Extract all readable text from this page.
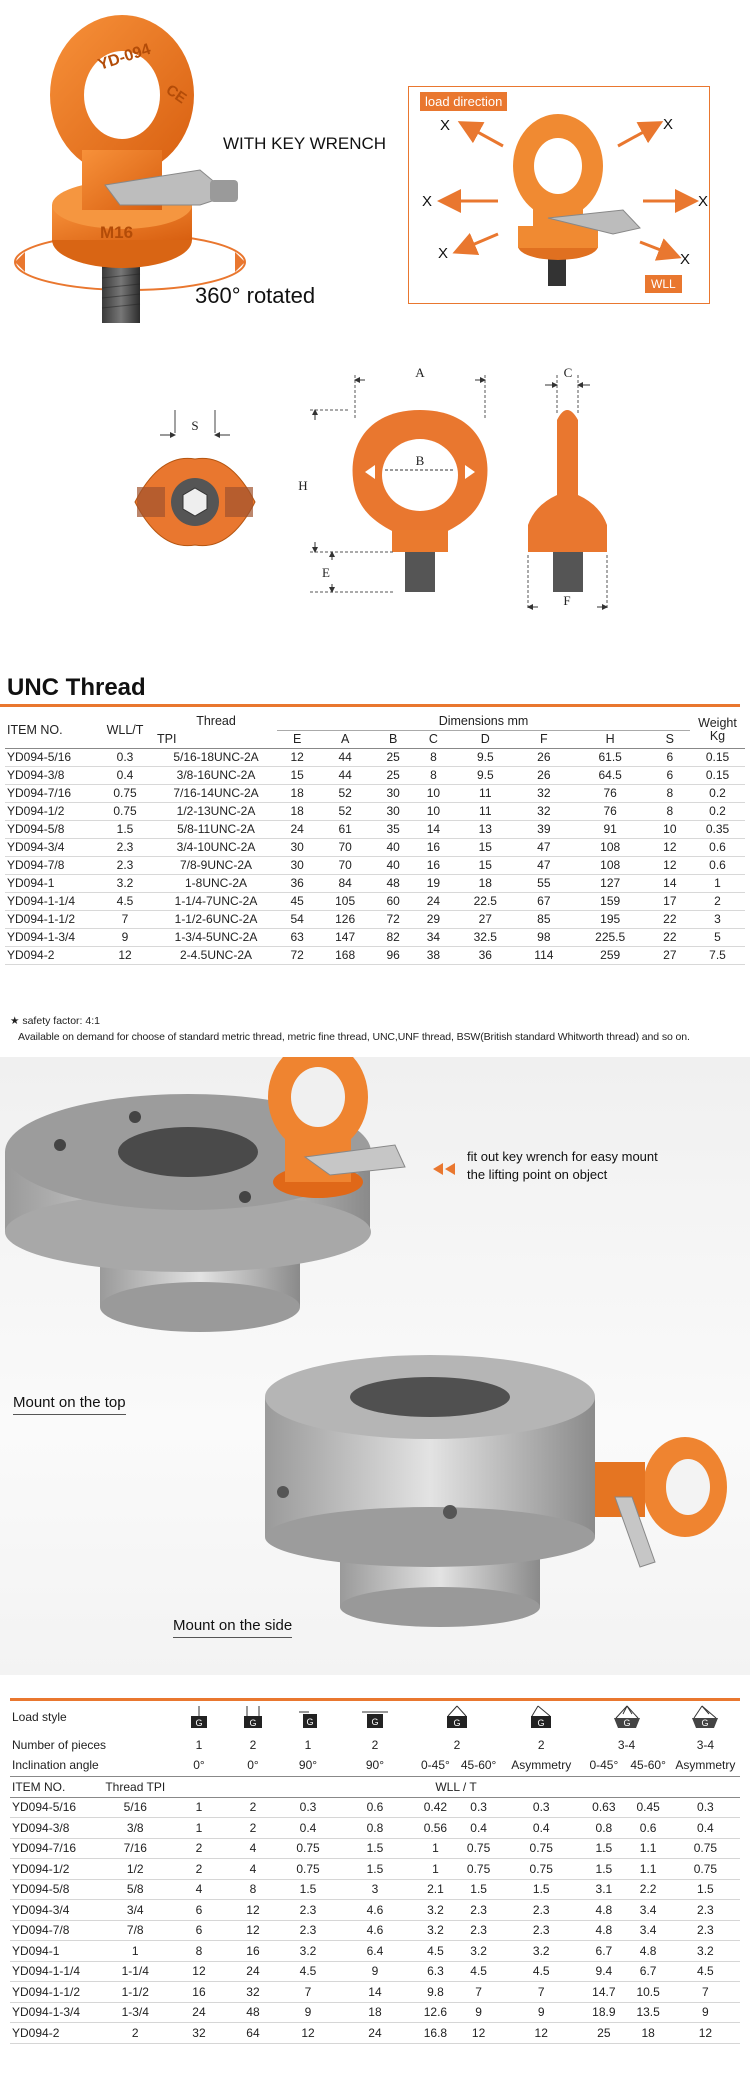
YD-094
CE
M16
WITH KEY WRENCH
360° rotated
load direction
X	X
X	X
X	X
WLL
S
A
B
H
E
C
F
UNC Thread
ITEM NO.	WLL/T	Thread	Dimensions mm								Weight
Kg

		TPI	E	A	B	C	D	F	H	S	
YD094-5/16	0.3	5/16-18UNC-2A	12	44	25	8	9.5	26	61.5	6	0.15
YD094-3/8	0.4	3/8-16UNC-2A	15	44	25	8	9.5	26	64.5	6	0.15
YD094-7/16	0.75	7/16-14UNC-2A	18	52	30	10	11	32	76	8	0.2
YD094-1/2	0.75	1/2-13UNC-2A	18	52	30	10	11	32	76	8	0.2
YD094-5/8	1.5	5/8-11UNC-2A	24	61	35	14	13	39	91	10	0.35
YD094-3/4	2.3	3/4-10UNC-2A	30	70	40	16	15	47	108	12	0.6
YD094-7/8	2.3	7/8-9UNC-2A	30	70	40	16	15	47	108	12	0.6
YD094-1	3.2	1-8UNC-2A	36	84	48	19	18	55	127	14	1
YD094-1-1/4	4.5	1-1/4-7UNC-2A	45	105	60	24	22.5	67	159	17	2
YD094-1-1/2	7	1-1/2-6UNC-2A	54	126	72	29	27	85	195	22	3
YD094-1-3/4	9	1-3/4-5UNC-2A	63	147	82	34	32.5	98	225.5	22	5
YD094-2	12	2-4.5UNC-2A	72	168	96	38	36	114	259	27	7.5
★ safety factor: 4:1
Available on demand for choose of standard metric thread, metric fine thread, UNC,UNF thread, BSW(British standard Whitworth thread) and so on.
Mount on the top
Mount on the side
fit out key wrench for easy mount
the lifting point on object
Load style		G	G	G	G	G		G	G		G

Number of pieces		1	2	1	2	2		2	3-4		3-4
Inclination angle		0°	0°	90°	90°	0-45°	45-60°	Asymmetry	0-45°	45-60°	Asymmetry
ITEM NO.	Thread TPI	WLL / T									
YD094-5/16	5/16	1	2	0.3	0.6	0.42	0.3	0.3	0.63	0.45	0.3
YD094-3/8	3/8	1	2	0.4	0.8	0.56	0.4	0.4	0.8	0.6	0.4
YD094-7/16	7/16	2	4	0.75	1.5	1	0.75	0.75	1.5	1.1	0.75
YD094-1/2	1/2	2	4	0.75	1.5	1	0.75	0.75	1.5	1.1	0.75
YD094-5/8	5/8	4	8	1.5	3	2.1	1.5	1.5	3.1	2.2	1.5
YD094-3/4	3/4	6	12	2.3	4.6	3.2	2.3	2.3	4.8	3.4	2.3
YD094-7/8	7/8	6	12	2.3	4.6	3.2	2.3	2.3	4.8	3.4	2.3
YD094-1	1	8	16	3.2	6.4	4.5	3.2	3.2	6.7	4.8	3.2
YD094-1-1/4	1-1/4	12	24	4.5	9	6.3	4.5	4.5	9.4	6.7	4.5
YD094-1-1/2	1-1/2	16	32	7	14	9.8	7	7	14.7	10.5	7
YD094-1-3/4	1-3/4	24	48	9	18	12.6	9	9	18.9	13.5	9
YD094-2	2	32	64	12	24	16.8	12	12	25	18	12
